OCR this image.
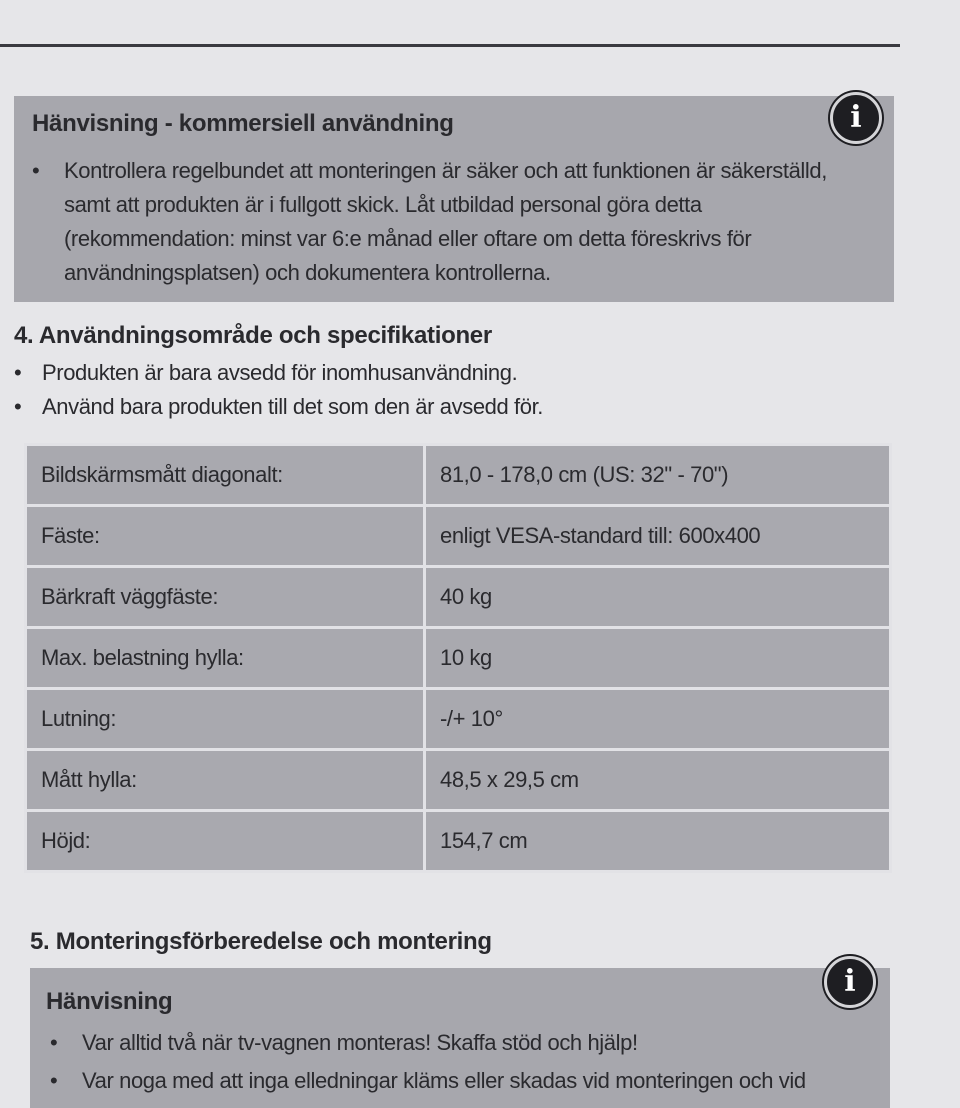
Hänvisning - kommersiell användning	i
• Kontrollera regelbundet att monteringen är säker och att funktionen är säkerställd, samt att produkten är i fullgott skick. Låt utbildad personal göra detta (rekommendation: minst var 6:e månad eller oftare om detta föreskrivs för användningsplatsen) och dokumentera kontrollerna.
4. Användningsområde och specifikationer
• Produkten är bara avsedd för inomhusanvändning.
• Använd bara produkten till det som den är avsedd för.
Bildskärmsmått diagonalt:	81,0 - 178,0 cm (US: 32" - 70")
Fäste:	enligt VESA-standard till: 600x400
Bärkraft väggfäste:	40 kg
Max. belastning hylla:	10 kg
Lutning:	-/+ 10°
Mått hylla:	48,5 x 29,5 cm
Höjd:	154,7 cm
5. Monteringsförberedelse och montering
Hänvisning
i
• Var alltid två när tv-vagnen monteras! Skaffa stöd och hjälp!
• Var noga med att inga elledningar kläms eller skadas vid monteringen och vid
